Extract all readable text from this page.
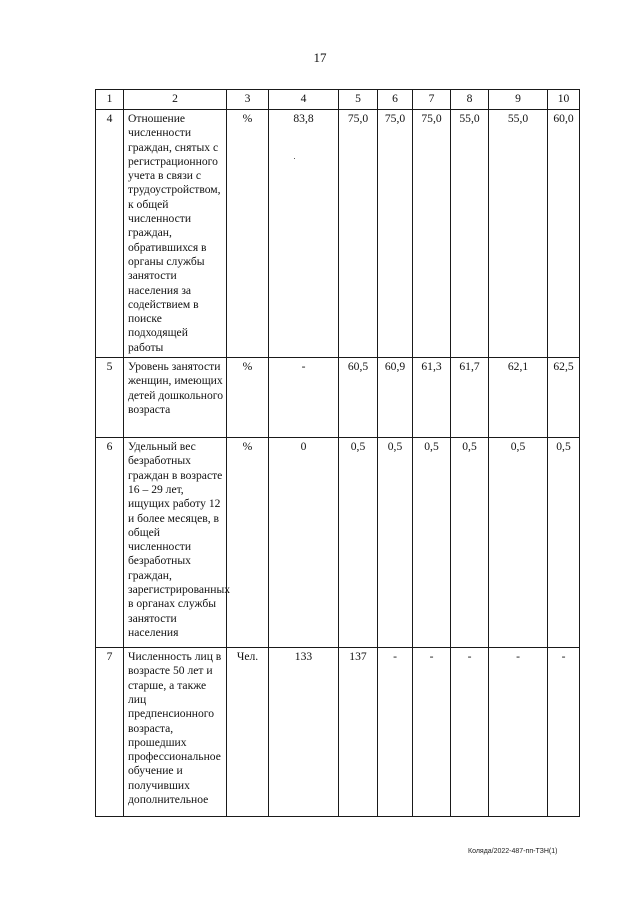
17
1	2	3	4	5	6	7	8	9	10
4	Отношение численности граждан, снятых с регистрационного учета в связи с трудоустройством, к общей численности граждан, обратившихся в органы службы занятости населения за содействием в поиске подходящей работы	%	83,8	75,0	75,0	75,0	55,0	55,0	60,0
5	Уровень занятости женщин, имеющих детей дошкольного возраста	%	-	60,5	60,9	61,3	61,7	62,1	62,5
6	Удельный вес безработных граждан в возрасте 16 – 29 лет, ищущих работу 12 и более месяцев, в общей численности безработных граждан, зарегистрированных в органах службы занятости населения	%	0	0,5	0,5	0,5	0,5	0,5	0,5
7	Численность лиц в возрасте 50 лет и старше, а также лиц предпенсионного возраста, прошедших профессиональное обучение и получивших дополнительное	Чел.	133	137	-	-	-	-	-
Колядa/2022-487-пп-ТЗН(1)
